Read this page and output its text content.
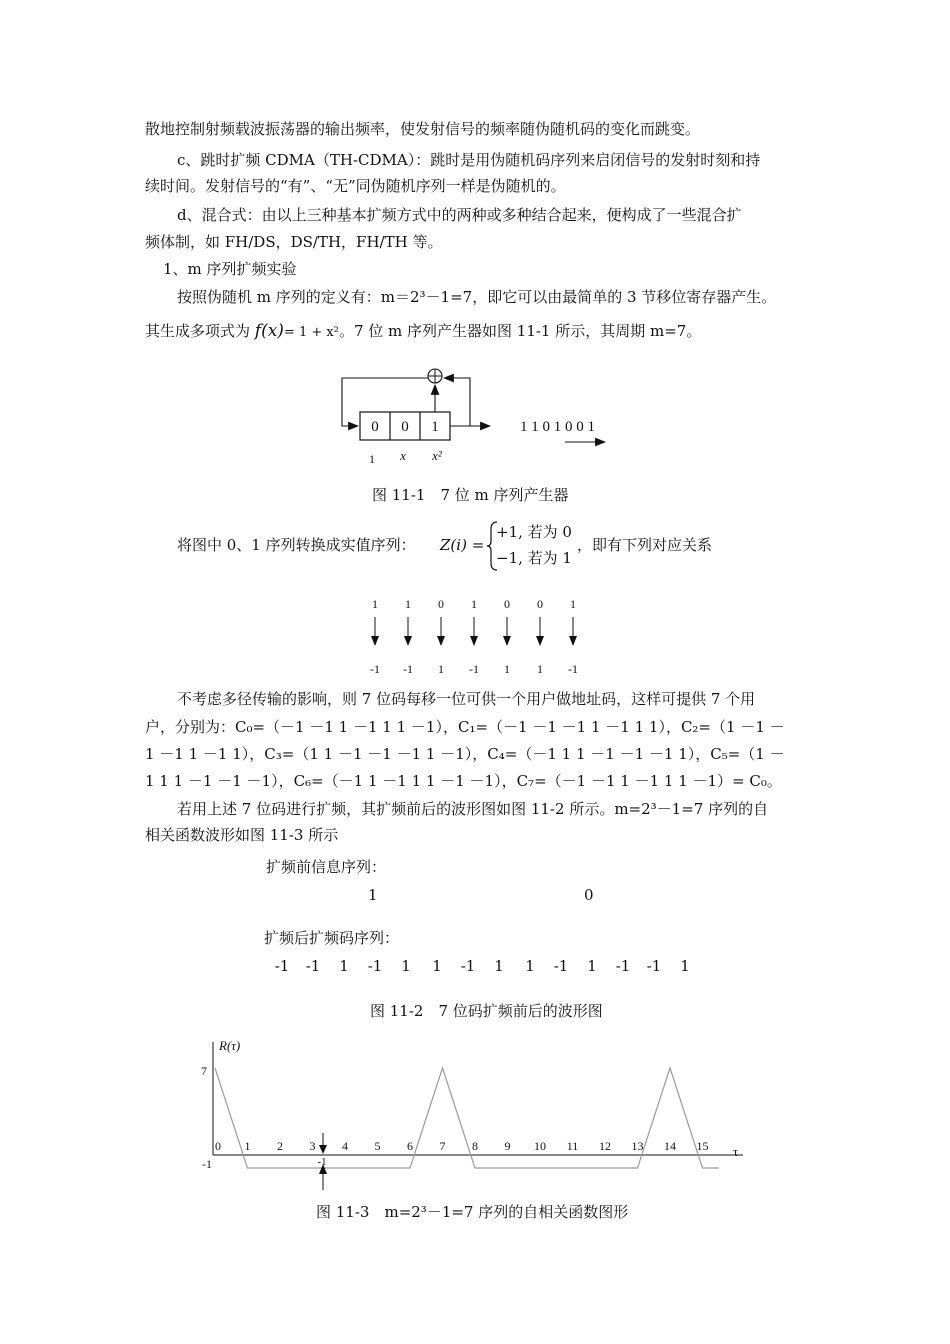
散地控制射频载波振荡器的输出频率，使发射信号的频率随伪随机码的变化而跳变。
c、跳时扩频 CDMA（TH-CDMA）：跳时是用伪随机码序列来启闭信号的发射时刻和持
续时间。发射信号的“有”、“无”同伪随机序列一样是伪随机的。
d、混合式：由以上三种基本扩频方式中的两种或多种结合起来，便构成了一些混合扩
频体制，如 FH/DS，DS/TH，FH/TH 等。
1、m 序列扩频实验
按照伪随机 m 序列的定义有：m＝2³－1=7，即它可以由最简单的 3 节移位寄存器产生。
其生成多项式为 f(x)= 1 + x²。7 位 m 序列产生器如图 11-1 所示，其周期 m=7。
0 0 1
1 x x²
1 1 0 1 0 0 1
图 11-1　7 位 m 序列产生器
将图中 0、1 序列转换成实值序列： Z(i) =
+1, 若为 0
−1, 若为 1
，即有下列对应关系
1
-1
1
-1
0
1
1
-1
0
1
0
1
1
-1
不考虑多径传输的影响，则 7 位码每移一位可供一个用户做地址码，这样可提供 7 个用
户，分别为：C₀=（－1 －1 1 －1 1 1 －1），C₁=（－1 －1 －1 1 －1 1 1），C₂=（1 －1 －
1 －1 1 －1 1），C₃=（1 1 －1 －1 －1 1 －1），C₄=（－1 1 1 －1 －1 －1 1），C₅=（1 －
1 1 1 －1 －1 －1），C₆=（－1 1 －1 1 1 －1 －1），C₇=（－1 －1 1 －1 1 1 －1）= C₀。
若用上述 7 位码进行扩频，其扩频前后的波形图如图 11-2 所示。m=2³－1=7 序列的自
相关函数波形如图 11-3 所示
扩频前信息序列：
1	0
扩频后扩频码序列：
-1	-1	1	-1	1	1	-1	1	1	-1	1	-1	-1	1
图 11-2　7 位码扩频前后的波形图
R(τ)
τ
7
-1
0 1 2 3 4 5 6 7 8 9 10 11 12 13 14 15
-1
图 11-3　m=2³－1=7 序列的自相关函数图形
